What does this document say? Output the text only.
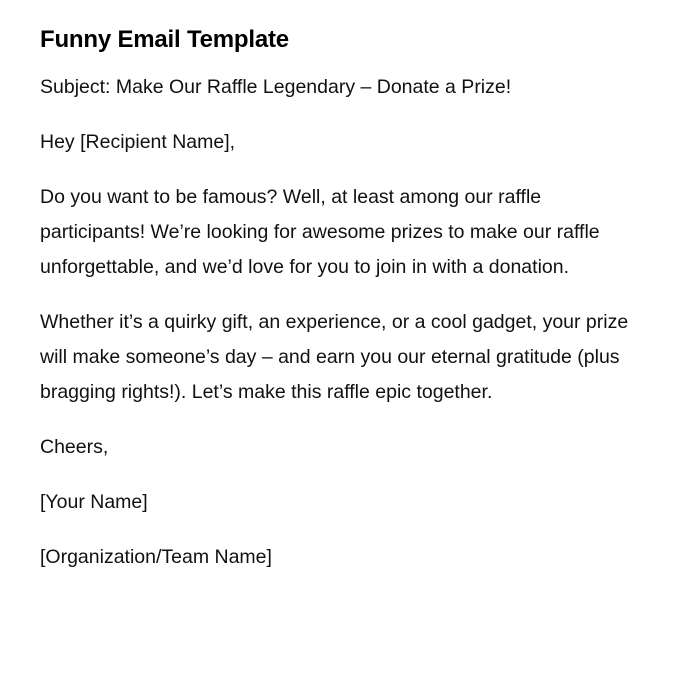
Funny Email Template

Subject: Make Our Raffle Legendary – Donate a Prize!

Hey [Recipient Name],

Do you want to be famous? Well, at least among our raffle participants! We’re looking for awesome prizes to make our raffle unforgettable, and we’d love for you to join in with a donation.

Whether it’s a quirky gift, an experience, or a cool gadget, your prize will make someone’s day – and earn you our eternal gratitude (plus bragging rights!). Let’s make this raffle epic together.

Cheers,

[Your Name]

[Organization/Team Name]
